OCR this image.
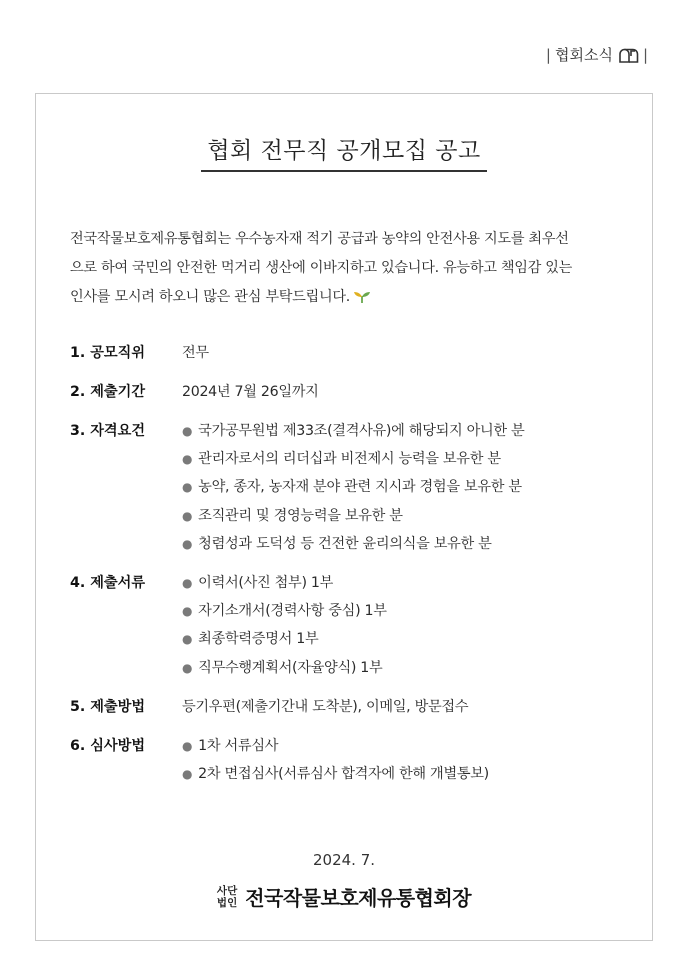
| 협회소식 |
협회 전무직 공개모집 공고
전국작물보호제유통협회는 우수농자재 적기 공급과 농약의 안전사용 지도를 최우선
으로 하여 국민의 안전한 먹거리 생산에 이바지하고 있습니다. 유능하고 책임감 있는
인사를 모시려 하오니 많은 관심 부탁드립니다.
1. 공모직위	전무
2. 제출기간	2024년 7월 26일까지
3. 자격요건	● 국가공무원법 제33조(결격사유)에 해당되지 아니한 분
● 관리자로서의 리더십과 비전제시 능력을 보유한 분
● 농약, 종자, 농자재 분야 관련 지시과 경험을 보유한 분
● 조직관리 및 경영능력을 보유한 분
● 청렴성과 도덕성 등 건전한 윤리의식을 보유한 분
4. 제출서류	● 이력서(사진 첨부) 1부
● 자기소개서(경력사항 중심) 1부
● 최종학력증명서 1부
● 직무수행계획서(자율양식) 1부
5. 제출방법	등기우편(제출기간내 도착분), 이메일, 방문접수
6. 심사방법	● 1차 서류심사
● 2차 면접심사(서류심사 합격자에 한해 개별통보)
2024. 7.
사단
법인 전국작물보호제유통협회장
